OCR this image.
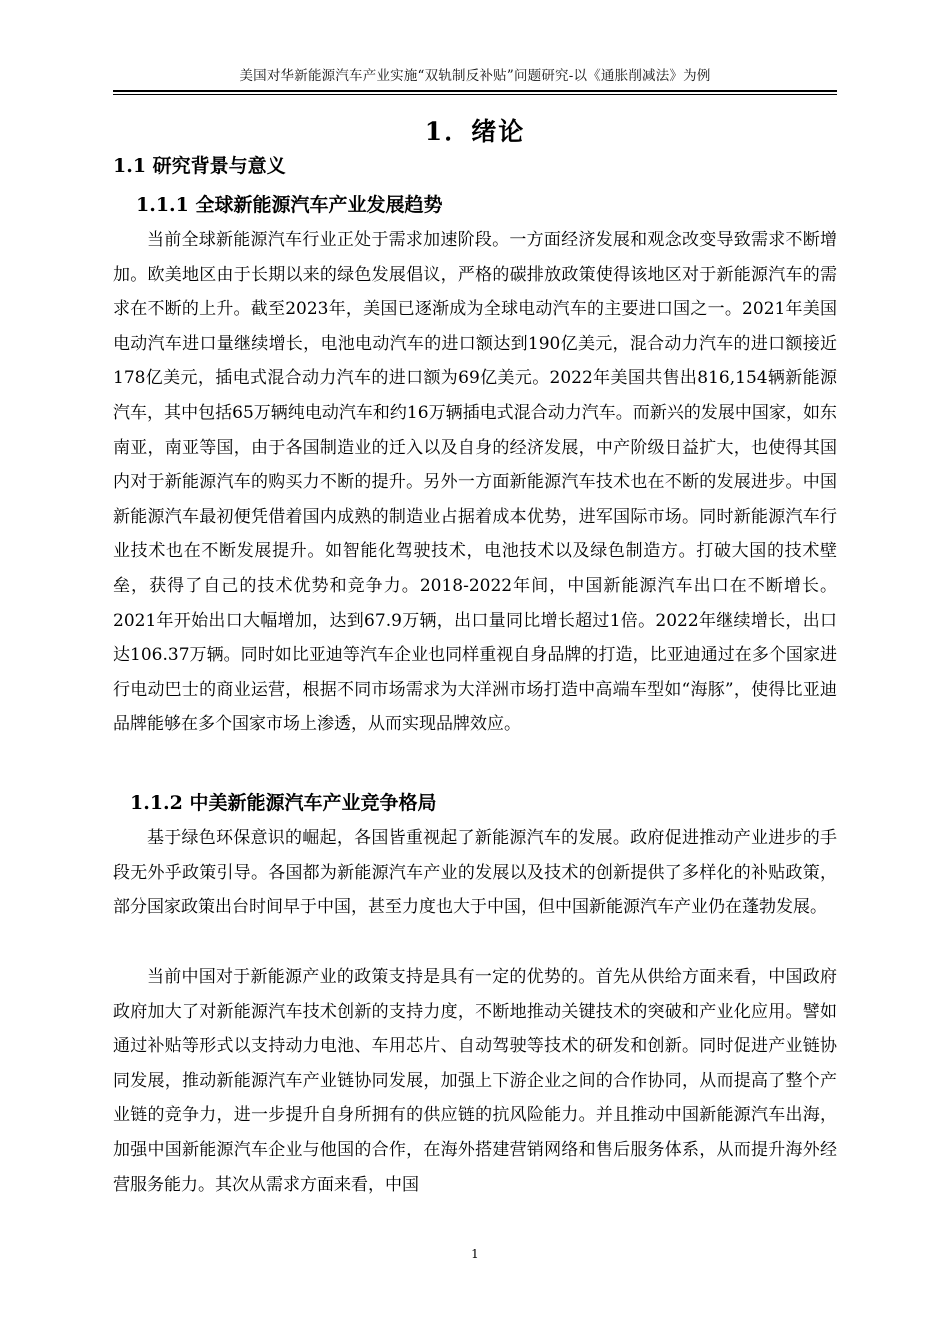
美国对华新能源汽车产业实施“双轨制反补贴”问题研究-以《通胀削减法》为例
1．绪论
1.1 研究背景与意义
1.1.1 全球新能源汽车产业发展趋势

当前全球新能源汽车行业正处于需求加速阶段。一方面经济发展和观念改变导致需求不断增加。欧美地区由于长期以来的绿色发展倡议，严格的碳排放政策使得该地区对于新能源汽车的需求在不断的上升。截至2023年，美国已逐渐成为全球电动汽车的主要进口国之一。2021年美国电动汽车进口量继续增长，电池电动汽车的进口额达到190亿美元，混合动力汽车的进口额接近178亿美元，插电式混合动力汽车的进口额为69亿美元。2022年美国共售出816,154辆新能源汽车，其中包括65万辆纯电动汽车和约16万辆插电式混合动力汽车。而新兴的发展中国家，如东南亚，南亚等国，由于各国制造业的迁入以及自身的经济发展，中产阶级日益扩大，也使得其国内对于新能源汽车的购买力不断的提升。另外一方面新能源汽车技术也在不断的发展进步。中国新能源汽车最初便凭借着国内成熟的制造业占据着成本优势，进军国际市场。同时新能源汽车行业技术也在不断发展提升。如智能化驾驶技术，电池技术以及绿色制造方。打破大国的技术壁垒，获得了自己的技术优势和竞争力。2018-2022年间，中国新能源汽车出口在不断增长。2021年开始出口大幅增加，达到67.9万辆，出口量同比增长超过1倍。2022年继续增长，出口达106.37万辆。同时如比亚迪等汽车企业也同样重视自身品牌的打造，比亚迪通过在多个国家进行电动巴士的商业运营，根据不同市场需求为大洋洲市场打造中高端车型如“海豚”，使得比亚迪品牌能够在多个国家市场上渗透，从而实现品牌效应。

1.1.2 中美新能源汽车产业竞争格局

基于绿色环保意识的崛起，各国皆重视起了新能源汽车的发展。政府促进推动产业进步的手段无外乎政策引导。各国都为新能源汽车产业的发展以及技术的创新提供了多样化的补贴政策，部分国家政策出台时间早于中国，甚至力度也大于中国，但中国新能源汽车产业仍在蓬勃发展。

当前中国对于新能源产业的政策支持是具有一定的优势的。首先从供给方面来看，中国政府政府加大了对新能源汽车技术创新的支持力度，不断地推动关键技术的突破和产业化应用。譬如通过补贴等形式以支持动力电池、车用芯片、自动驾驶等技术的研发和创新。同时促进产业链协同发展，推动新能源汽车产业链协同发展，加强上下游企业之间的合作协同，从而提高了整个产业链的竞争力，进一步提升自身所拥有的供应链的抗风险能力。并且推动中国新能源汽车出海，加强中国新能源汽车企业与他国的合作，在海外搭建营销网络和售后服务体系，从而提升海外经营服务能力。其次从需求方面来看，中国

1
